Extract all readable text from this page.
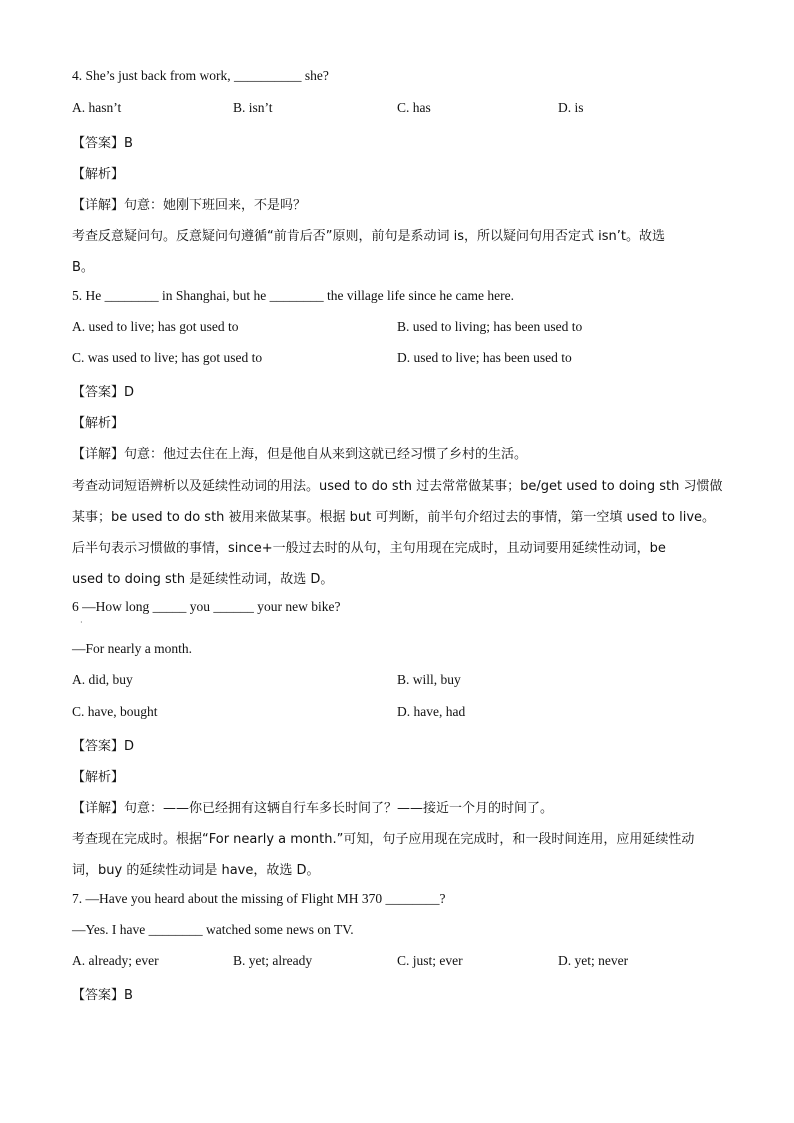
4. She’s just back from work, __________ she?
A. hasn’t	B. isn’t	C. has	D. is
【答案】B
【解析】
【详解】句意：她刚下班回来，不是吗？
考查反意疑问句。反意疑问句遵循“前肯后否”原则，前句是系动词 is，所以疑问句用否定式 isn’t。故选
B。
5. He ________ in Shanghai, but he ________ the village life since he came here.
A. used to live; has got used to	B. used to living; has been used to
C. was used to live; has got used to	D. used to live; has been used to
【答案】D
【解析】
【详解】句意：他过去住在上海，但是他自从来到这就已经习惯了乡村的生活。
考查动词短语辨析以及延续性动词的用法。used to do sth 过去常常做某事；be/get used to doing sth 习惯做
某事；be used to do sth 被用来做某事。根据 but 可判断，前半句介绍过去的事情，第一空填 used to live。
后半句表示习惯做的事情，since+一般过去时的从句，主句用现在完成时，且动词要用延续性动词，be
used to doing sth 是延续性动词，故选 D。
6 —How long _____ you ______ your new bike?
·
—For nearly a month.
A. did, buy	B. will, buy
C. have, bought	D. have, had
【答案】D
【解析】
【详解】句意：——你已经拥有这辆自行车多长时间了？——接近一个月的时间了。
考查现在完成时。根据“For nearly a month.”可知，句子应用现在完成时，和一段时间连用，应用延续性动
词，buy 的延续性动词是 have，故选 D。
7. —Have you heard about the missing of Flight MH 370 ________?
—Yes. I have ________ watched some news on TV.
A. already; ever	B. yet; already	C. just; ever	D. yet; never
【答案】B
